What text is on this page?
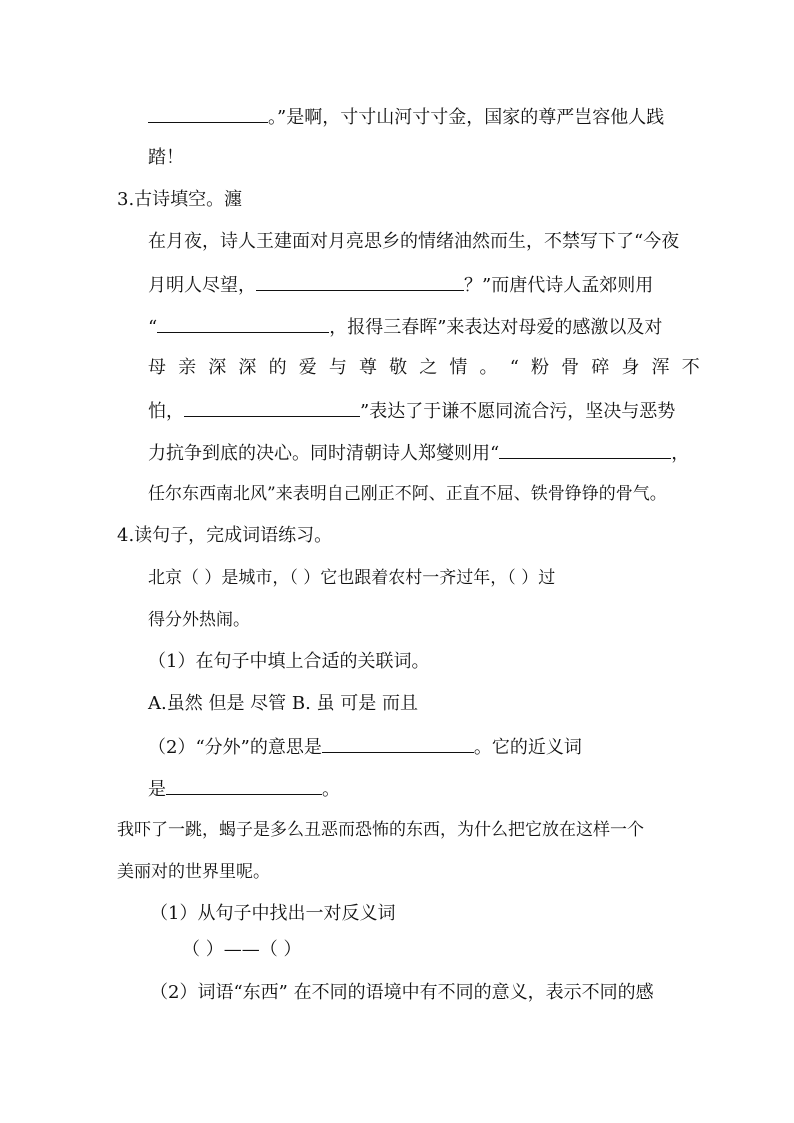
。”是啊，寸寸山河寸寸金，国家的尊严岂容他人践
踏！
3.古诗填空。瀍
在月夜，诗人王建面对月亮思乡的情绪油然而生，不禁写下了“今夜
月明人尽望，	？”而唐代诗人孟郊则用
“	，报得三春晖”来表达对母爱的感激以及对
母 亲 深 深 的 爱 与 尊 敬 之 情 。 “ 粉 骨 碎 身 浑 不
怕，	”表达了于谦不愿同流合污，坚决与恶势
力抗争到底的决心。同时清朝诗人郑燮则用“	，
任尔东西南北风”来表明自己刚正不阿、正直不屈、铁骨铮铮的骨气。
4.读句子，完成词语练习。
北京（ ）是城市，（ ）它也跟着农村一齐过年，（ ）过
得分外热闹。
（1）在句子中填上合适的关联词。
A.虽然 但是 尽管 B. 虽 可是 而且
（2）“分外”的意思是	。它的近义词
是	。
我吓了一跳，蝎子是多么丑恶而恐怖的东西，为什么把它放在这样一个
美丽对的世界里呢。
（1）从句子中找出一对反义词
（ ）——（ ）
（2）词语“东西” 在不同的语境中有不同的意义，表示不同的感
